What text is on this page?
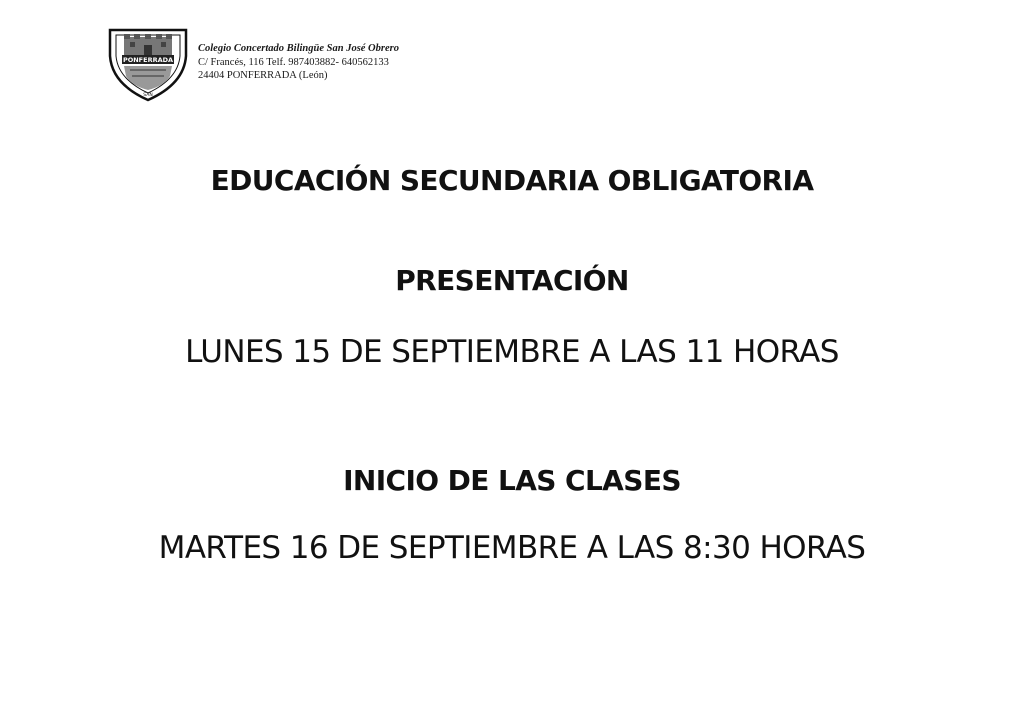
PONFERRADA
SAN
Colegio Concertado Bilingüe San José Obrero
C/ Francés, 116 Telf. 987403882- 640562133
24404 PONFERRADA (León)
EDUCACIÓN SECUNDARIA OBLIGATORIA
PRESENTACIÓN
LUNES 15 DE SEPTIEMBRE A LAS 11 HORAS
INICIO DE LAS CLASES
MARTES 16 DE SEPTIEMBRE A LAS 8:30 HORAS
